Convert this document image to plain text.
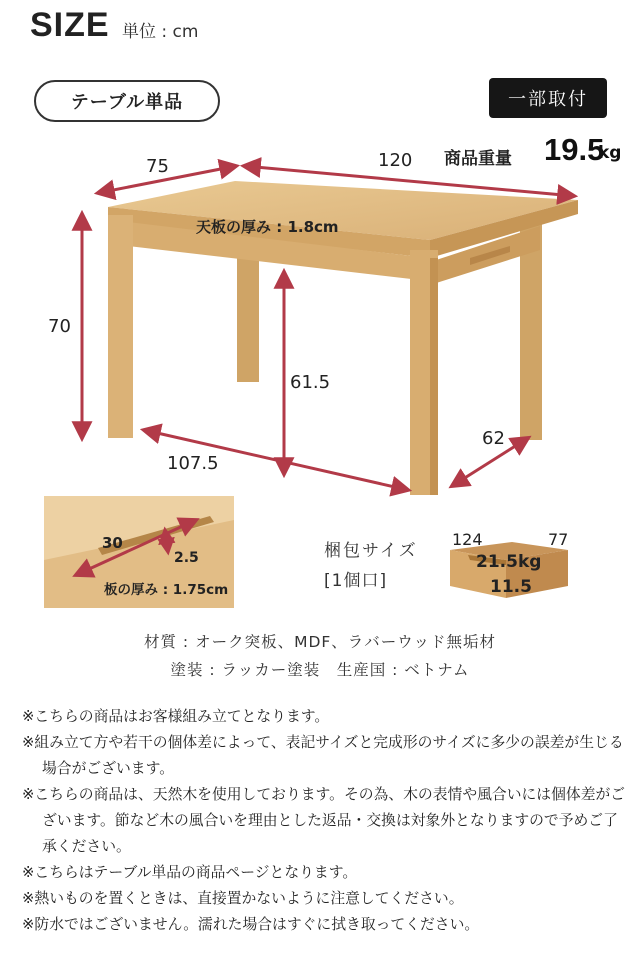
SIZE 単位 : cm
テーブル単品	一部取付
商品重量 19.5
kg
75	120
70
天板の厚み : 1.8cm
61.5
107.5
62
30
2.5
板の厚み : 1.75cm
梱包サイズ
[1個口]
124	77
21.5kg
11.5
材質 : オーク突板、MDF、ラバーウッド無垢材
塗装 : ラッカー塗装　生産国 : ベトナム

※こちらの商品はお客様組み立てとなります。

※組み立て方や若干の個体差によって、表記サイズと完成形のサイズに多少の誤差が生じる場合がございます。

※こちらの商品は、天然木を使用しております。その為、木の表情や風合いには個体差がございます。節など木の風合いを理由とした返品・交換は対象外となりますので予めご了承ください。

※こちらはテーブル単品の商品ページとなります。

※熱いものを置くときは、直接置かないように注意してください。

※防水ではございません。濡れた場合はすぐに拭き取ってください。
